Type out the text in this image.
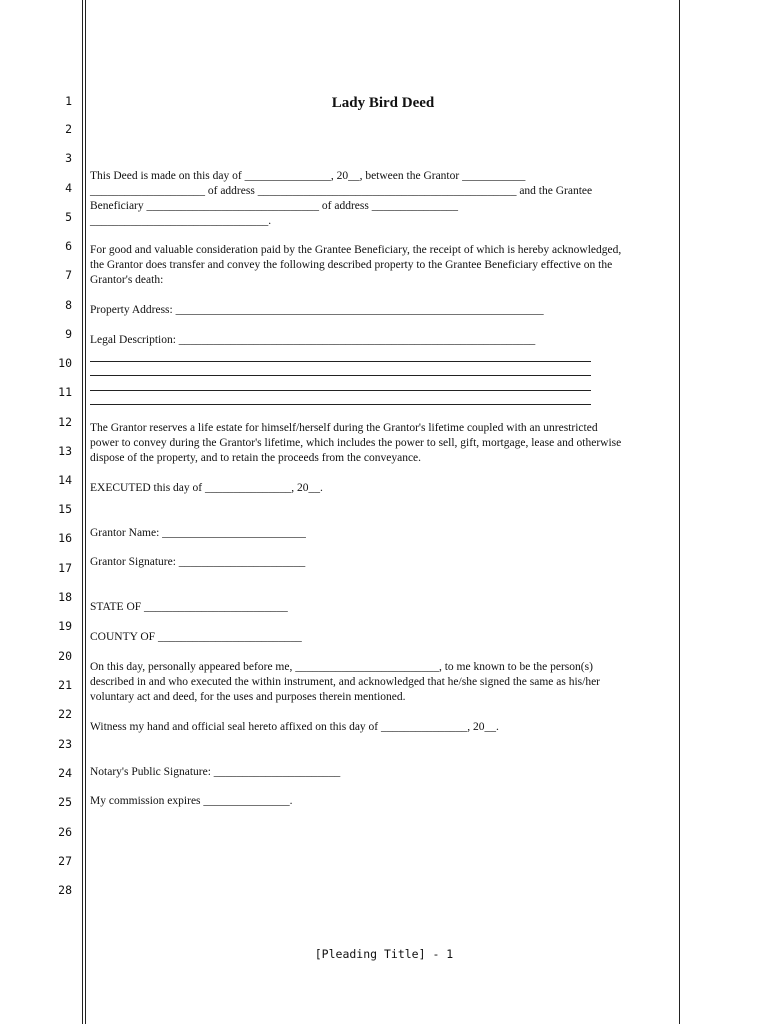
1
2
3
4
5
6
7
8
9
10
11
12
13
14
15
16
17
18
19
20
21
22
23
24
25
26
27
28
Lady Bird Deed
This Deed is made on this day of _______________, 20__, between the Grantor ___________
____________________ of address _____________________________________________ and the Grantee
Beneficiary ______________________________ of address _______________
_______________________________.
For good and valuable consideration paid by the Grantee Beneficiary, the receipt of which is hereby acknowledged,
the Grantor does transfer and convey the following described property to the Grantee Beneficiary effective on the
Grantor's death:
Property Address: ________________________________________________________________
Legal Description: ______________________________________________________________
The Grantor reserves a life estate for himself/herself during the Grantor's lifetime coupled with an unrestricted
power to convey during the Grantor's lifetime, which includes the power to sell, gift, mortgage, lease and otherwise
dispose of the property, and to retain the proceeds from the conveyance.
EXECUTED this day of _______________, 20__.
Grantor Name: _________________________
Grantor Signature: ______________________
STATE OF _________________________
COUNTY OF _________________________
On this day, personally appeared before me, _________________________, to me known to be the person(s)
described in and who executed the within instrument, and acknowledged that he/she signed the same as his/her
voluntary act and deed, for the uses and purposes therein mentioned.
Witness my hand and official seal hereto affixed on this day of _______________, 20__.
Notary's Public Signature: ______________________
My commission expires _______________.
[Pleading Title] - 1
